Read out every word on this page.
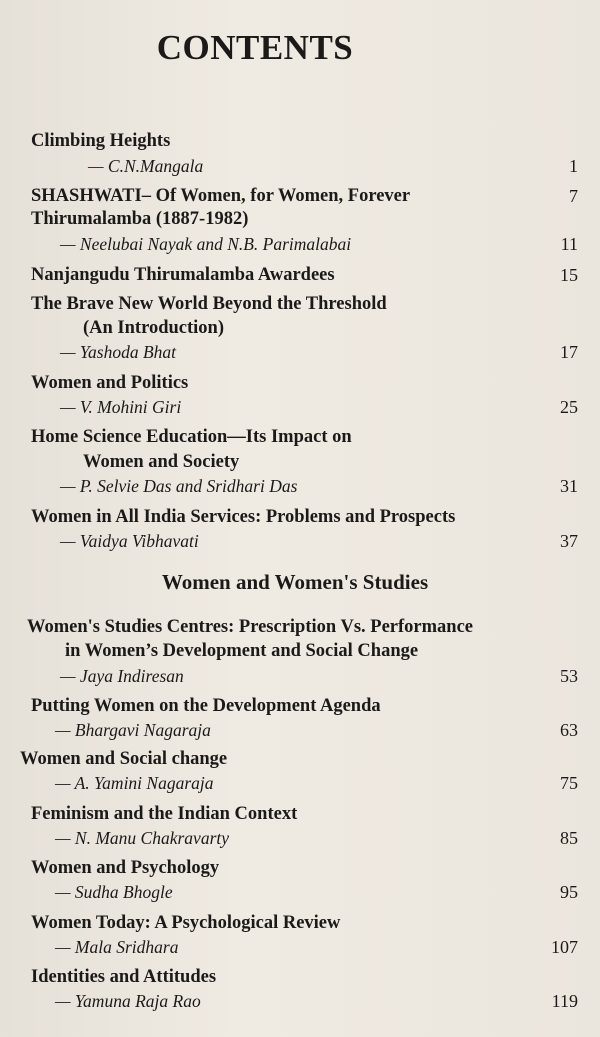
CONTENTS
Climbing Heights
— C.N.Mangala	1
SHASHWATI– Of Women, for Women, Forever	7
Thirumalamba (1887-1982)
— Neelubai Nayak and N.B. Parimalabai	11
Nanjangudu Thirumalamba Awardees	15
The Brave New World Beyond the Threshold
(An Introduction)
— Yashoda Bhat	17
Women and Politics
— V. Mohini Giri	25
Home Science Education—Its Impact on
Women and Society
— P. Selvie Das and Sridhari Das	31
Women in All India Services: Problems and Prospects
— Vaidya Vibhavati	37
Women and Women's Studies
Women's Studies Centres: Prescription Vs. Performance
in Women’s Development and Social Change
— Jaya Indiresan	53
Putting Women on the Development Agenda
— Bhargavi Nagaraja	63
Women and Social change
— A. Yamini Nagaraja	75
Feminism and the Indian Context
— N. Manu Chakravarty	85
Women and Psychology
— Sudha Bhogle	95
Women Today: A Psychological Review
— Mala Sridhara	107
Identities and Attitudes
— Yamuna Raja Rao	119
